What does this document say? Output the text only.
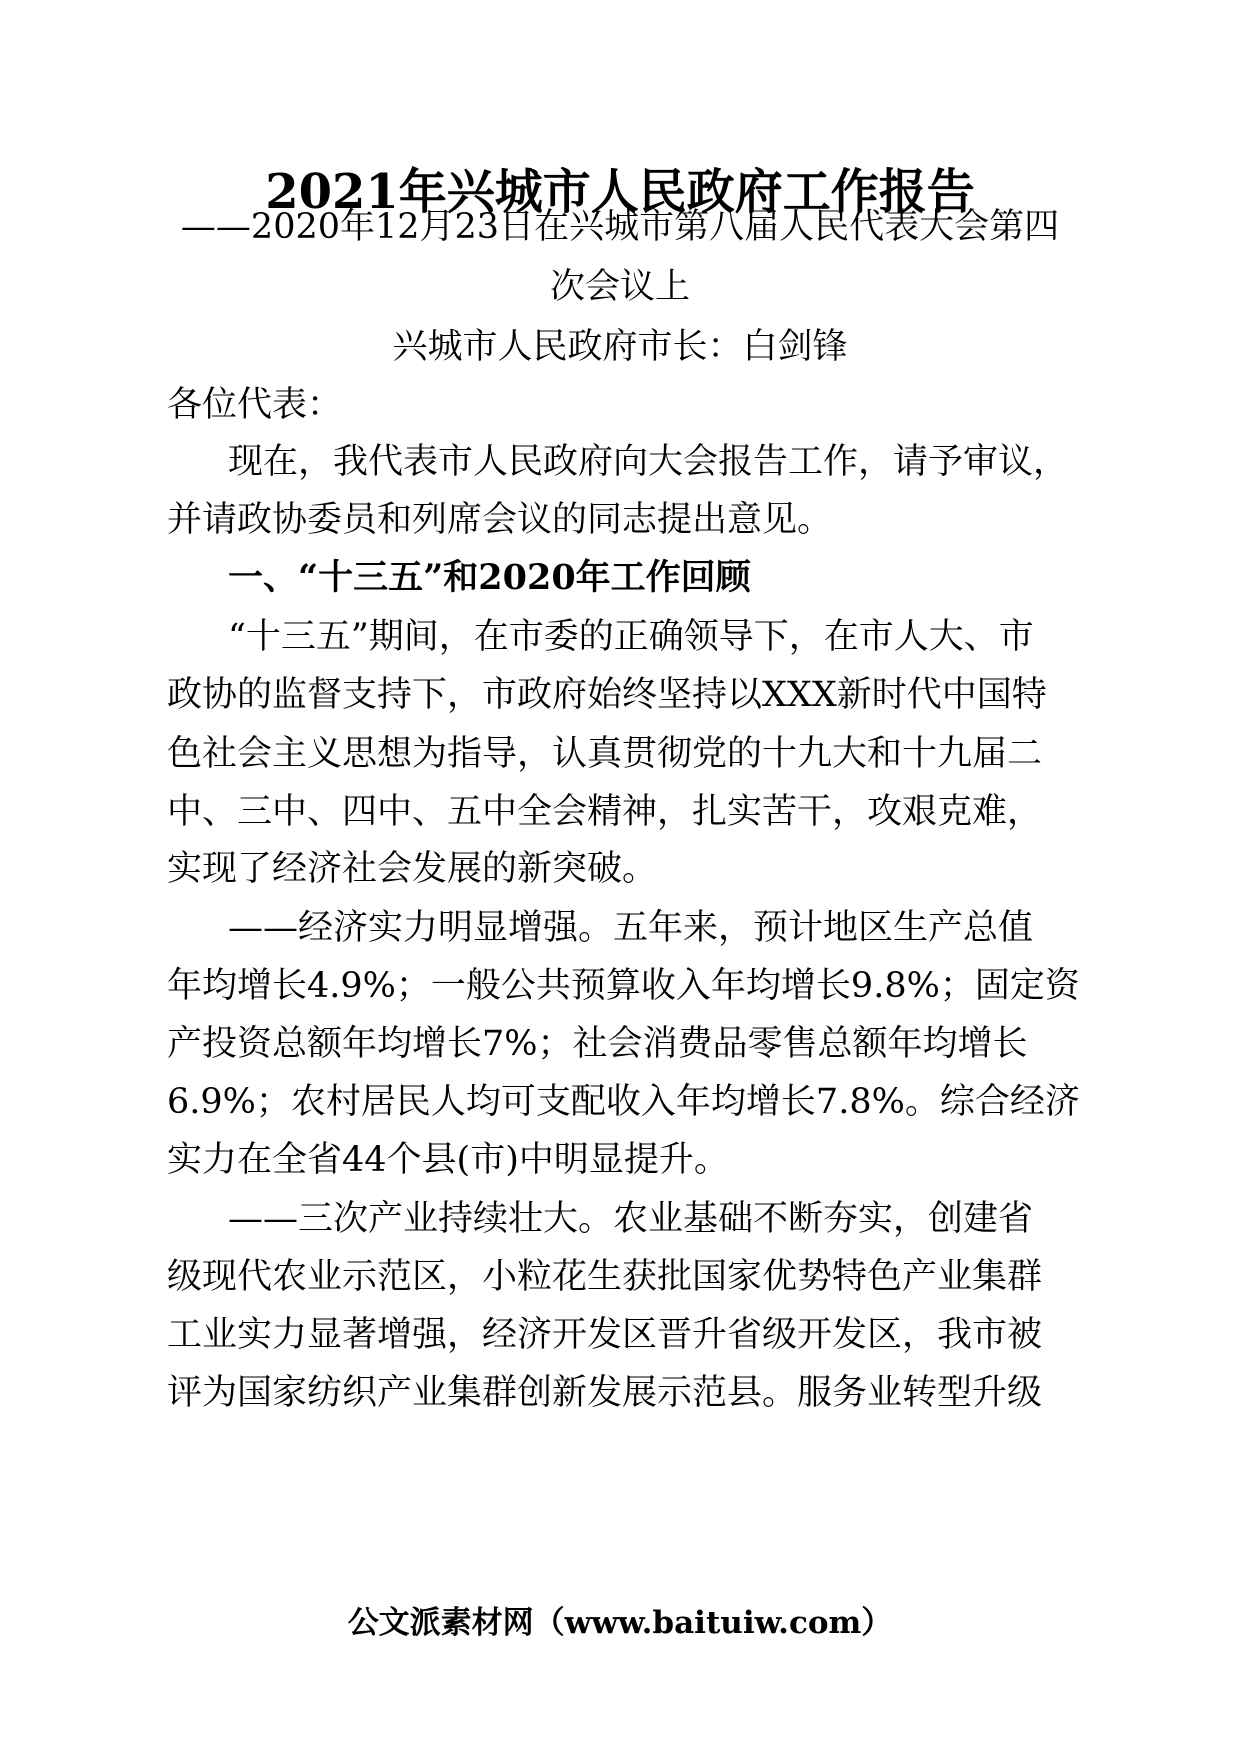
2021年兴城市人民政府工作报告
——2020年12月23日在兴城市第八届人民代表大会第四
次会议上
兴城市人民政府市长：白剑锋
各位代表：
现在，我代表市人民政府向大会报告工作，请予审议，
并请政协委员和列席会议的同志提出意见。
一、“十三五”和2020年工作回顾
“十三五”期间，在市委的正确领导下，在市人大、市
政协的监督支持下，市政府始终坚持以XXX新时代中国特
色社会主义思想为指导，认真贯彻党的十九大和十九届二
中、三中、四中、五中全会精神，扎实苦干，攻艰克难，
实现了经济社会发展的新突破。
——经济实力明显增强。五年来，预计地区生产总值
年均增长4.9%；一般公共预算收入年均增长9.8%；固定资
产投资总额年均增长7%；社会消费品零售总额年均增长
6.9%；农村居民人均可支配收入年均增长7.8%。综合经济
实力在全省44个县(市)中明显提升。
——三次产业持续壮大。农业基础不断夯实，创建省
级现代农业示范区，小粒花生获批国家优势特色产业集群
工业实力显著增强，经济开发区晋升省级开发区，我市被
评为国家纺织产业集群创新发展示范县。服务业转型升级
公文派素材网（www.baituiw.com）
